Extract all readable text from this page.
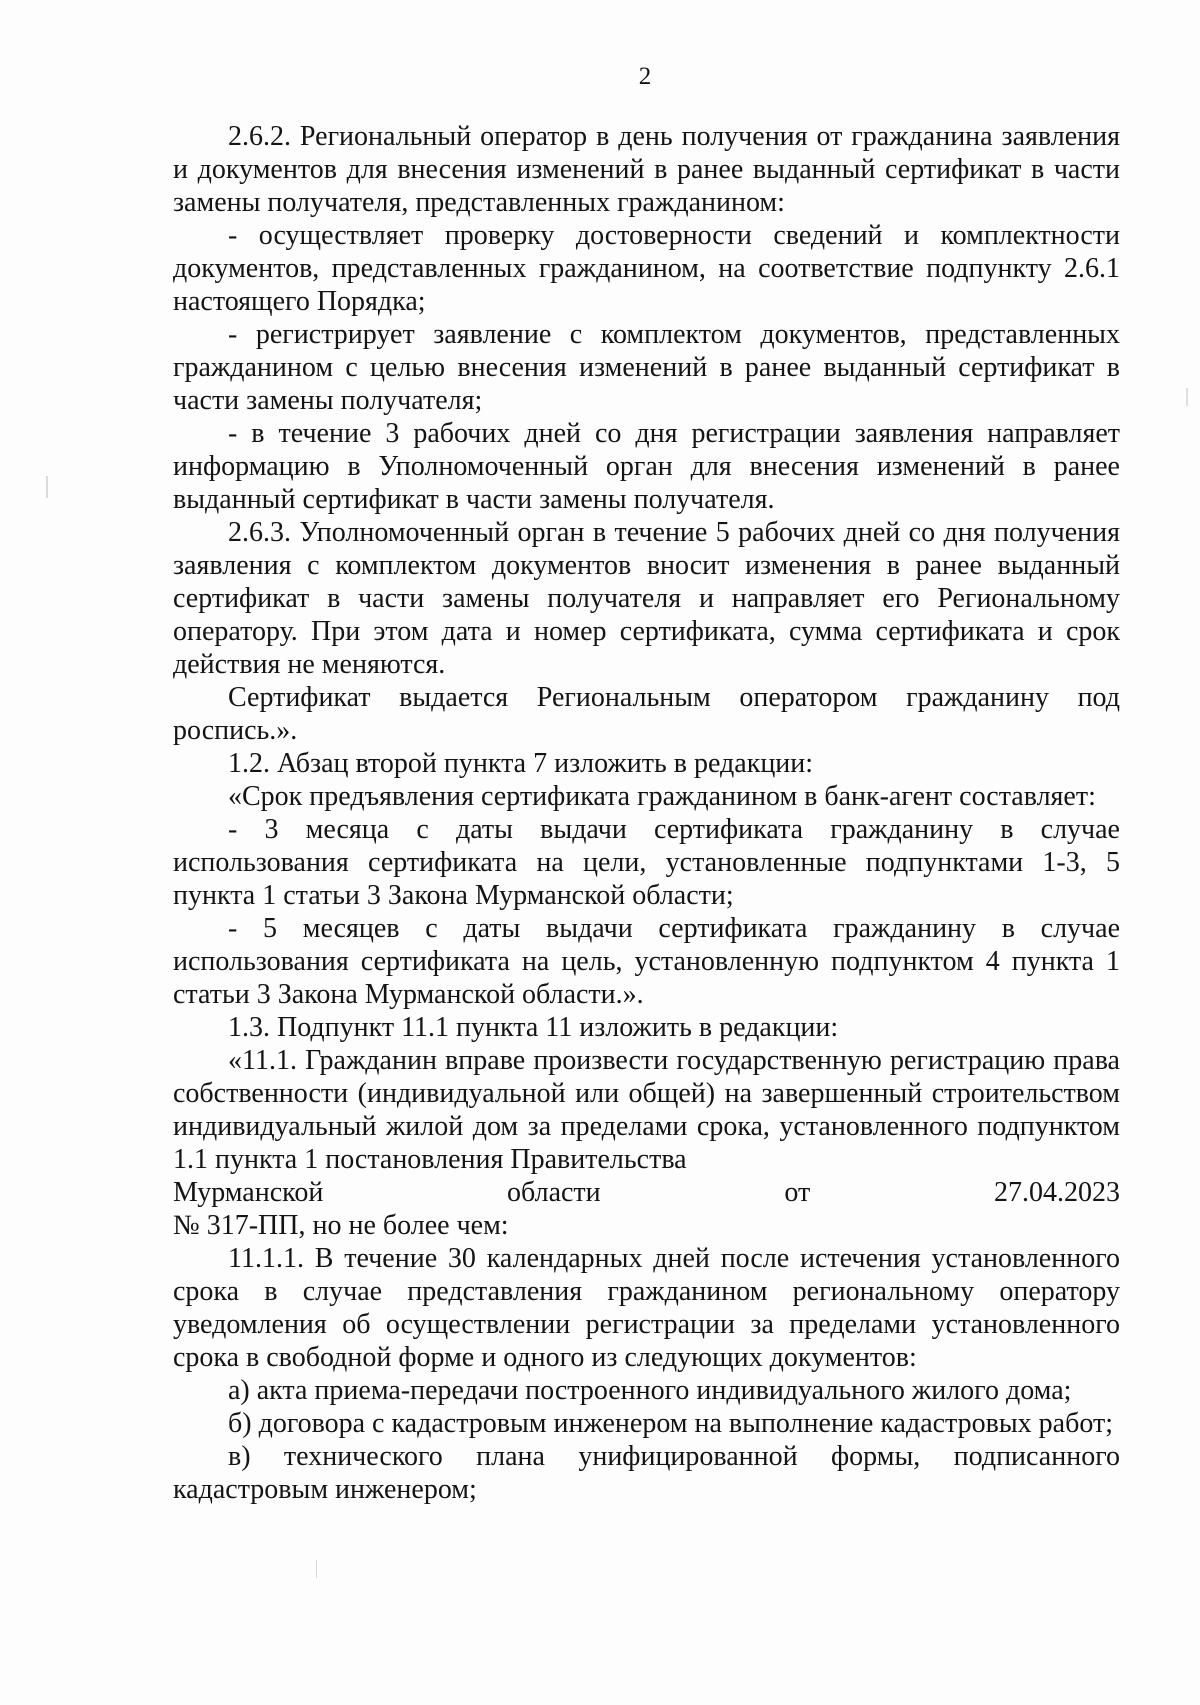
2

2.6.2. Региональный оператор в день получения от гражданина заявления и документов для внесения изменений в ранее выданный сертификат в части замены получателя, представленных гражданином:

- осуществляет проверку достоверности сведений и комплектности документов, представленных гражданином, на соответствие подпункту 2.6.1 настоящего Порядка;

- регистрирует заявление с комплектом документов, представленных гражданином с целью внесения изменений в ранее выданный сертификат в части замены получателя;

- в течение 3 рабочих дней со дня регистрации заявления направляет информацию в Уполномоченный орган для внесения изменений в ранее выданный сертификат в части замены получателя.

2.6.3. Уполномоченный орган в течение 5 рабочих дней со дня получения заявления с комплектом документов вносит изменения в ранее выданный сертификат в части замены получателя и направляет его Региональному оператору. При этом дата и номер сертификата, сумма сертификата и срок действия не меняются.

Сертификат выдается Региональным оператором гражданину под роспись.».

1.2. Абзац второй пункта 7 изложить в редакции:

«Срок предъявления сертификата гражданином в банк-агент составляет:

- 3 месяца с даты выдачи сертификата гражданину в случае использования сертификата на цели, установленные подпунктами 1-3, 5 пункта 1 статьи 3 Закона Мурманской области;

- 5 месяцев с даты выдачи сертификата гражданину в случае использования сертификата на цель, установленную подпунктом 4 пункта 1 статьи 3 Закона Мурманской области.».

1.3. Подпункт 11.1 пункта 11 изложить в редакции:

«11.1. Гражданин вправе произвести государственную регистрацию права собственности (индивидуальной или общей) на завершенный строительством индивидуальный жилой дом за пределами срока, установленного подпунктом 1.1 пункта 1 постановления Правительства

Мурманской	области	от	27.04.2023

№ 317-ПП, но не более чем:

11.1.1. В течение 30 календарных дней после истечения установленного срока в случае представления гражданином региональному оператору уведомления об осуществлении регистрации за пределами установленного срока в свободной форме и одного из следующих документов:

а) акта приема-передачи построенного индивидуального жилого дома;

б) договора с кадастровым инженером на выполнение кадастровых работ;

в) технического плана унифицированной формы, подписанного кадастровым инженером;
